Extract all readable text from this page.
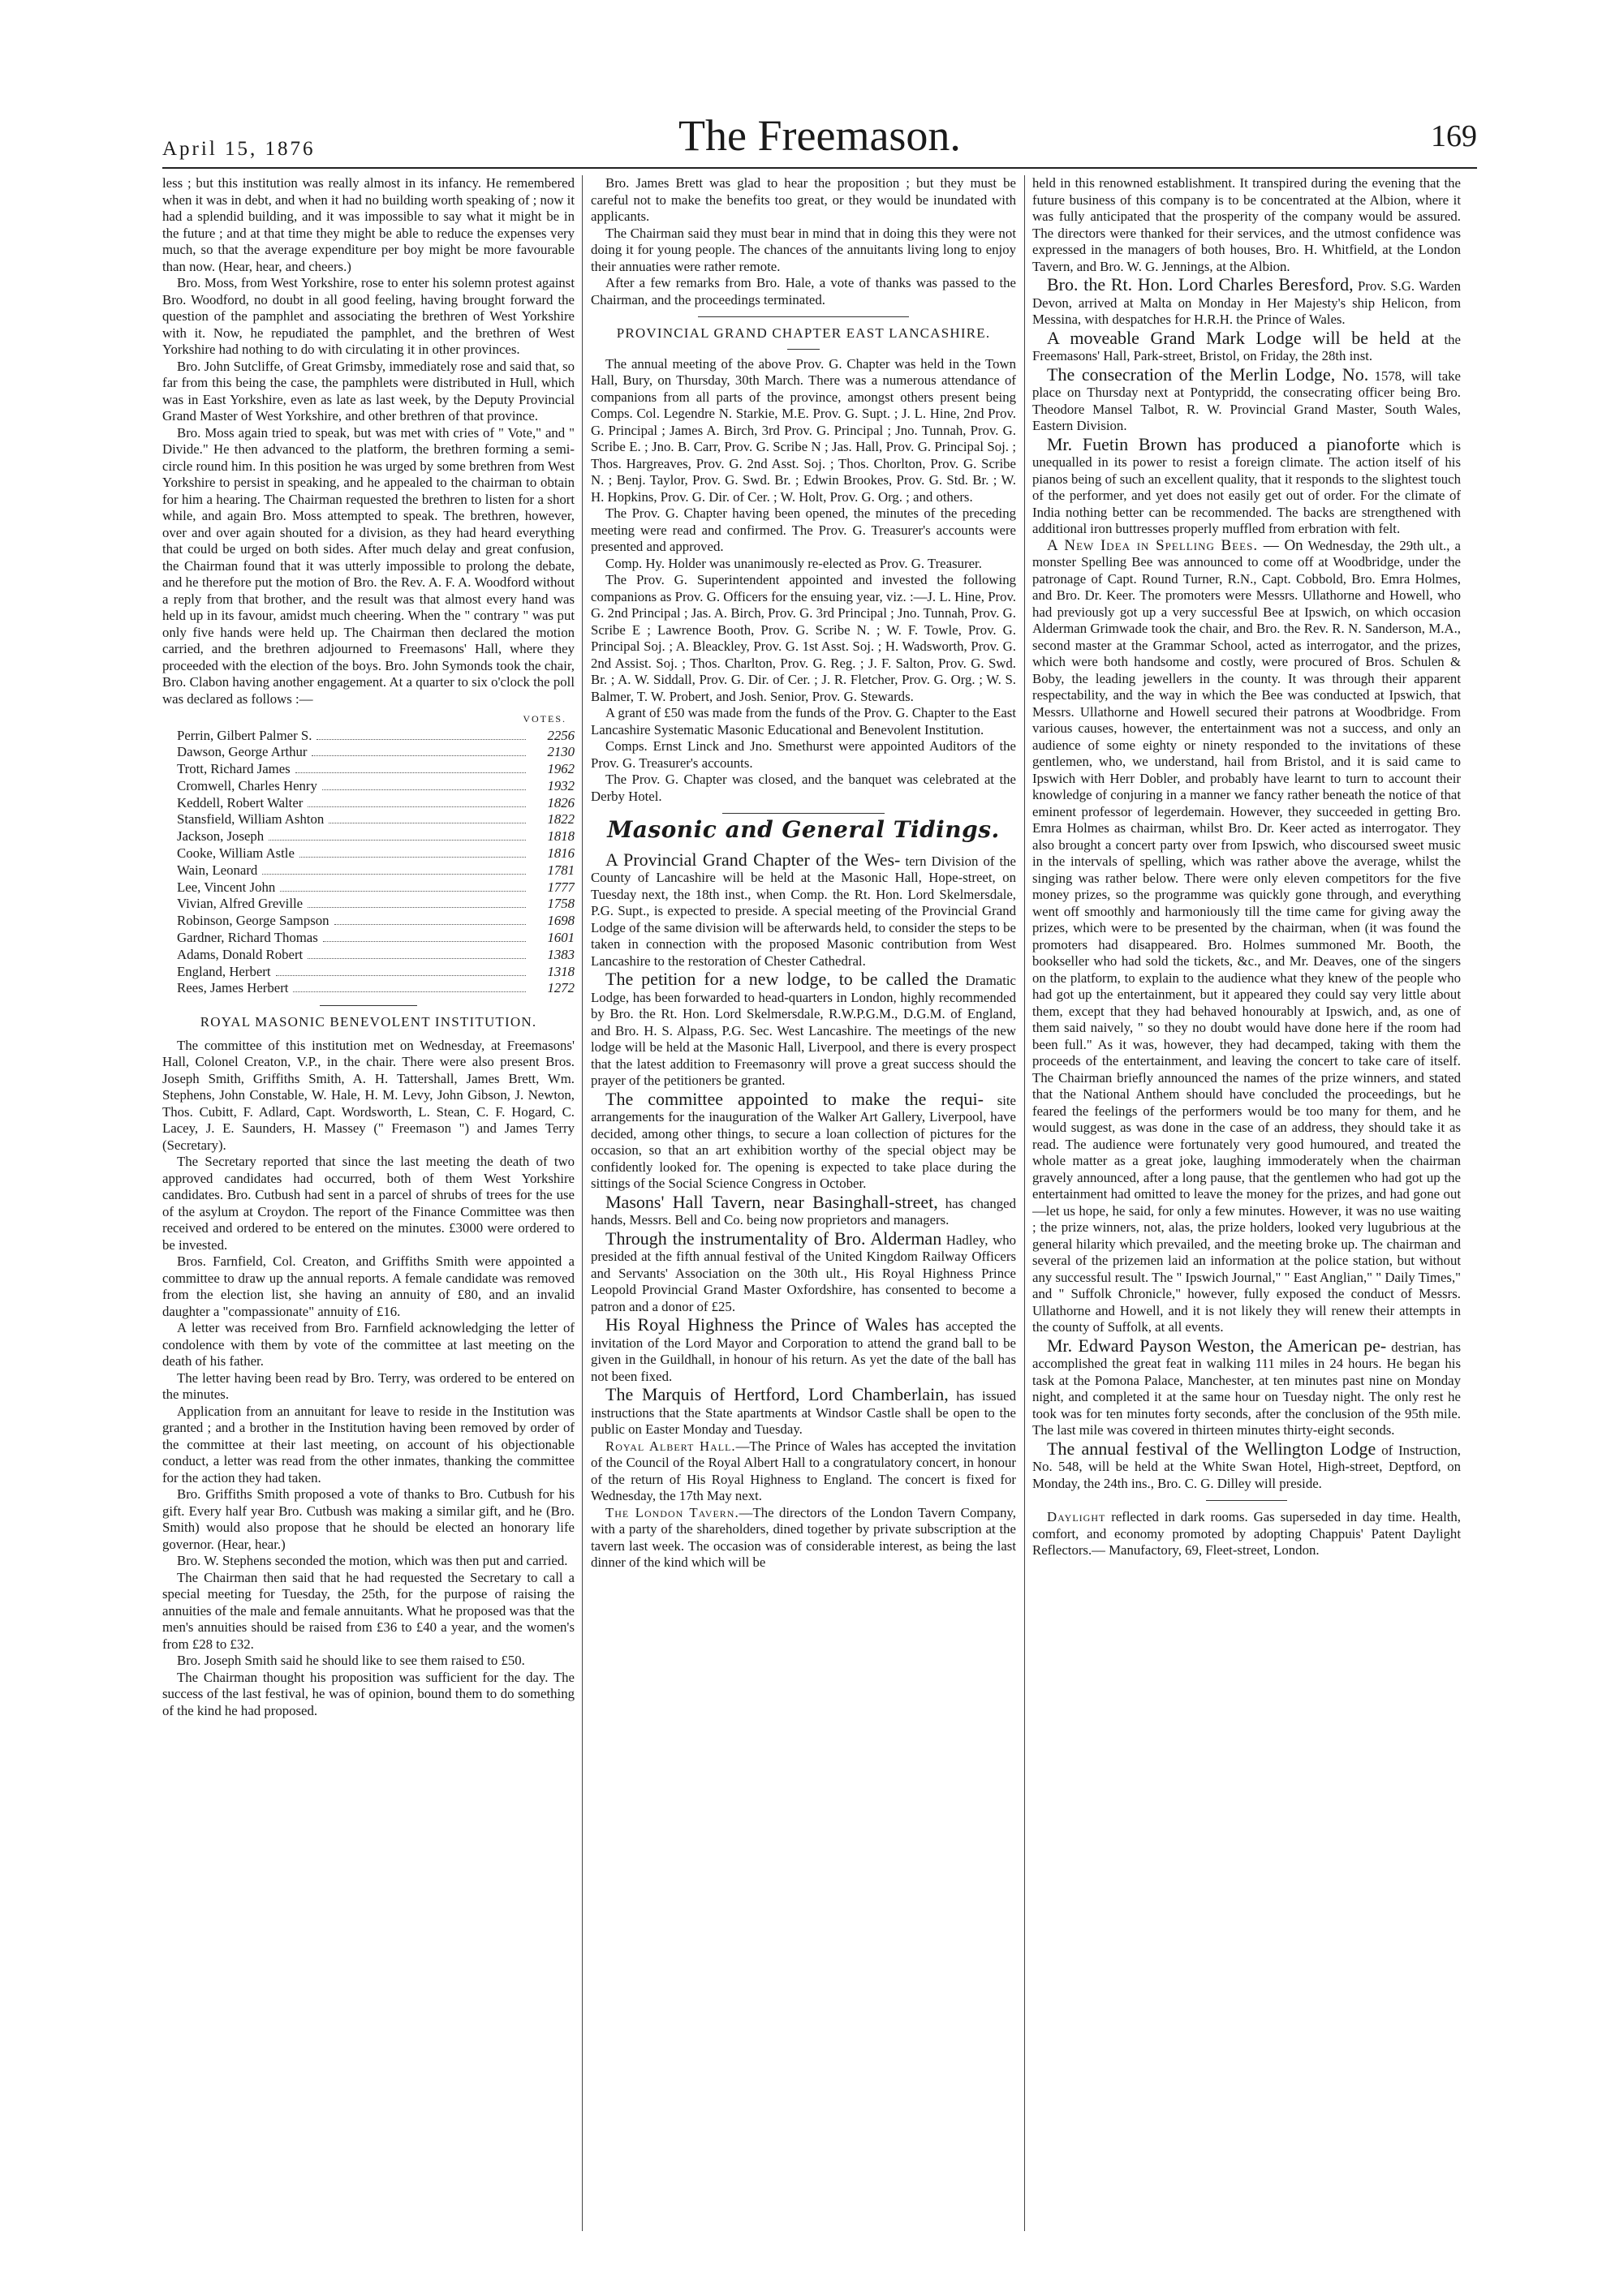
April 15, 1876	The Freemason.	169

less ; but this institution was really almost in its infancy. He remembered when it was in debt, and when it had no building worth speaking of ; now it had a splendid building, and it was impossible to say what it might be in the future ; and at that time they might be able to reduce the expenses very much, so that the average expenditure per boy might be more favourable than now. (Hear, hear, and cheers.)

Bro. Moss, from West Yorkshire, rose to enter his solemn protest against Bro. Woodford, no doubt in all good feeling, having brought forward the question of the pamphlet and associating the brethren of West Yorkshire with it. Now, he repudiated the pamphlet, and the brethren of West Yorkshire had nothing to do with circulating it in other provinces.

Bro. John Sutcliffe, of Great Grimsby, immediately rose and said that, so far from this being the case, the pamphlets were distributed in Hull, which was in East Yorkshire, even as late as last week, by the Deputy Provincial Grand Master of West Yorkshire, and other brethren of that province.

Bro. Moss again tried to speak, but was met with cries of " Vote," and " Divide." He then advanced to the platform, the brethren forming a semi-circle round him. In this position he was urged by some brethren from West Yorkshire to persist in speaking, and he appealed to the chairman to obtain for him a hearing. The Chairman requested the brethren to listen for a short while, and again Bro. Moss attempted to speak. The brethren, however, over and over again shouted for a division, as they had heard everything that could be urged on both sides. After much delay and great confusion, the Chairman found that it was utterly impossible to prolong the debate, and he therefore put the motion of Bro. the Rev. A. F. A. Woodford without a reply from that brother, and the result was that almost every hand was held up in its favour, amidst much cheering. When the " contrary " was put only five hands were held up. The Chairman then declared the motion carried, and the brethren adjourned to Freemasons' Hall, where they proceeded with the election of the boys. Bro. John Symonds took the chair, Bro. Clabon having another engagement. At a quarter to six o'clock the poll was declared as follows :—

VOTES.
Perrin, Gilbert Palmer S.	2256
Dawson, George Arthur	2130
Trott, Richard James	1962
Cromwell, Charles Henry	1932
Keddell, Robert Walter	1826
Stansfield, William Ashton	1822
Jackson, Joseph	1818
Cooke, William Astle	1816
Wain, Leonard	1781
Lee, Vincent John	1777
Vivian, Alfred Greville	1758
Robinson, George Sampson	1698
Gardner, Richard Thomas	1601
Adams, Donald Robert	1383
England, Herbert	1318
Rees, James Herbert	1272

ROYAL MASONIC BENEVOLENT INSTITUTION.

The committee of this institution met on Wednesday, at Freemasons' Hall, Colonel Creaton, V.P., in the chair. There were also present Bros. Joseph Smith, Griffiths Smith, A. H. Tattershall, James Brett, Wm. Stephens, John Constable, W. Hale, H. M. Levy, John Gibson, J. Newton, Thos. Cubitt, F. Adlard, Capt. Wordsworth, L. Stean, C. F. Hogard, C. Lacey, J. E. Saunders, H. Massey (" Freemason ") and James Terry (Secretary).

The Secretary reported that since the last meeting the death of two approved candidates had occurred, both of them West Yorkshire candidates. Bro. Cutbush had sent in a parcel of shrubs of trees for the use of the asylum at Croydon. The report of the Finance Committee was then received and ordered to be entered on the minutes. £3000 were ordered to be invested.

Bros. Farnfield, Col. Creaton, and Griffiths Smith were appointed a committee to draw up the annual reports. A female candidate was removed from the election list, she having an annuity of £80, and an invalid daughter a "compassionate" annuity of £16.

A letter was received from Bro. Farnfield acknowledging the letter of condolence with them by vote of the committee at last meeting on the death of his father.

The letter having been read by Bro. Terry, was ordered to be entered on the minutes.

Application from an annuitant for leave to reside in the Institution was granted ; and a brother in the Institution having been removed by order of the committee at their last meeting, on account of his objectionable conduct, a letter was read from the other inmates, thanking the committee for the action they had taken.

Bro. Griffiths Smith proposed a vote of thanks to Bro. Cutbush for his gift. Every half year Bro. Cutbush was making a similar gift, and he (Bro. Smith) would also propose that he should be elected an honorary life governor. (Hear, hear.)

Bro. W. Stephens seconded the motion, which was then put and carried.

The Chairman then said that he had requested the Secretary to call a special meeting for Tuesday, the 25th, for the purpose of raising the annuities of the male and female annuitants. What he proposed was that the men's annuities should be raised from £36 to £40 a year, and the women's from £28 to £32.

Bro. Joseph Smith said he should like to see them raised to £50.

The Chairman thought his proposition was sufficient for the day. The success of the last festival, he was of opinion, bound them to do something of the kind he had proposed.

Bro. James Brett was glad to hear the proposition ; but they must be careful not to make the benefits too great, or they would be inundated with applicants.

The Chairman said they must bear in mind that in doing this they were not doing it for young people. The chances of the annuitants living long to enjoy their annuaties were rather remote.

After a few remarks from Bro. Hale, a vote of thanks was passed to the Chairman, and the proceedings terminated.

PROVINCIAL GRAND CHAPTER EAST LANCASHIRE.

The annual meeting of the above Prov. G. Chapter was held in the Town Hall, Bury, on Thursday, 30th March. There was a numerous attendance of companions from all parts of the province, amongst others present being Comps. Col. Legendre N. Starkie, M.E. Prov. G. Supt. ; J. L. Hine, 2nd Prov. G. Principal ; James A. Birch, 3rd Prov. G. Principal ; Jno. Tunnah, Prov. G. Scribe E. ; Jno. B. Carr, Prov. G. Scribe N ; Jas. Hall, Prov. G. Principal Soj. ; Thos. Hargreaves, Prov. G. 2nd Asst. Soj. ; Thos. Chorlton, Prov. G. Scribe N. ; Benj. Taylor, Prov. G. Swd. Br. ; Edwin Brookes, Prov. G. Std. Br. ; W. H. Hopkins, Prov. G. Dir. of Cer. ; W. Holt, Prov. G. Org. ; and others.

The Prov. G. Chapter having been opened, the minutes of the preceding meeting were read and confirmed. The Prov. G. Treasurer's accounts were presented and approved.

Comp. Hy. Holder was unanimously re-elected as Prov. G. Treasurer.

The Prov. G. Superintendent appointed and invested the following companions as Prov. G. Officers for the ensuing year, viz. :—J. L. Hine, Prov. G. 2nd Principal ; Jas. A. Birch, Prov. G. 3rd Principal ; Jno. Tunnah, Prov. G. Scribe E ; Lawrence Booth, Prov. G. Scribe N. ; W. F. Towle, Prov. G. Principal Soj. ; A. Bleackley, Prov. G. 1st Asst. Soj. ; H. Wadsworth, Prov. G. 2nd Assist. Soj. ; Thos. Charlton, Prov. G. Reg. ; J. F. Salton, Prov. G. Swd. Br. ; A. W. Siddall, Prov. G. Dir. of Cer. ; J. R. Fletcher, Prov. G. Org. ; W. S. Balmer, T. W. Probert, and Josh. Senior, Prov. G. Stewards.

A grant of £50 was made from the funds of the Prov. G. Chapter to the East Lancashire Systematic Masonic Educational and Benevolent Institution.

Comps. Ernst Linck and Jno. Smethurst were appointed Auditors of the Prov. G. Treasurer's accounts.

The Prov. G. Chapter was closed, and the banquet was celebrated at the Derby Hotel.

Masonic and General Tidings.

A Provincial Grand Chapter of the Wes- tern Division of the County of Lancashire will be held at the Masonic Hall, Hope-street, on Tuesday next, the 18th inst., when Comp. the Rt. Hon. Lord Skelmersdale, P.G. Supt., is expected to preside. A special meeting of the Provincial Grand Lodge of the same division will be afterwards held, to consider the steps to be taken in connection with the proposed Masonic contribution from West Lancashire to the restoration of Chester Cathedral.

The petition for a new lodge, to be called the Dramatic Lodge, has been forwarded to head-quarters in London, highly recommended by Bro. the Rt. Hon. Lord Skelmersdale, R.W.P.G.M., D.G.M. of England, and Bro. H. S. Alpass, P.G. Sec. West Lancashire. The meetings of the new lodge will be held at the Masonic Hall, Liverpool, and there is every prospect that the latest addition to Freemasonry will prove a great success should the prayer of the petitioners be granted.

The committee appointed to make the requi- site arrangements for the inauguration of the Walker Art Gallery, Liverpool, have decided, among other things, to secure a loan collection of pictures for the occasion, so that an art exhibition worthy of the special object may be confidently looked for. The opening is expected to take place during the sittings of the Social Science Congress in October.

Masons' Hall Tavern, near Basinghall-street, has changed hands, Messrs. Bell and Co. being now proprietors and managers.

Through the instrumentality of Bro. Alderman Hadley, who presided at the fifth annual festival of the United Kingdom Railway Officers and Servants' Association on the 30th ult., His Royal Highness Prince Leopold Provincial Grand Master Oxfordshire, has consented to become a patron and a donor of £25.

His Royal Highness the Prince of Wales has accepted the invitation of the Lord Mayor and Corporation to attend the grand ball to be given in the Guildhall, in honour of his return. As yet the date of the ball has not been fixed.

The Marquis of Hertford, Lord Chamberlain, has issued instructions that the State apartments at Windsor Castle shall be open to the public on Easter Monday and Tuesday.

Royal Albert Hall.—The Prince of Wales has accepted the invitation of the Council of the Royal Albert Hall to a congratulatory concert, in honour of the return of His Royal Highness to England. The concert is fixed for Wednesday, the 17th May next.

The London Tavern.—The directors of the London Tavern Company, with a party of the shareholders, dined together by private subscription at the tavern last week. The occasion was of considerable interest, as being the last dinner of the kind which will be

held in this renowned establishment. It transpired during the evening that the future business of this company is to be concentrated at the Albion, where it was fully anticipated that the prosperity of the company would be assured. The directors were thanked for their services, and the utmost confidence was expressed in the managers of both houses, Bro. H. Whitfield, at the London Tavern, and Bro. W. G. Jennings, at the Albion.

Bro. the Rt. Hon. Lord Charles Beresford, Prov. S.G. Warden Devon, arrived at Malta on Monday in Her Majesty's ship Helicon, from Messina, with despatches for H.R.H. the Prince of Wales.

A moveable Grand Mark Lodge will be held at the Freemasons' Hall, Park-street, Bristol, on Friday, the 28th inst.

The consecration of the Merlin Lodge, No. 1578, will take place on Thursday next at Pontypridd, the consecrating officer being Bro. Theodore Mansel Talbot, R. W. Provincial Grand Master, South Wales, Eastern Division.

Mr. Fuetin Brown has produced a pianoforte which is unequalled in its power to resist a foreign climate. The action itself of his pianos being of such an excellent quality, that it responds to the slightest touch of the performer, and yet does not easily get out of order. For the climate of India nothing better can be recommended. The backs are strengthened with additional iron buttresses properly muffled from erbration with felt.

A New Idea in Spelling Bees. — On Wednesday, the 29th ult., a monster Spelling Bee was announced to come off at Woodbridge, under the patronage of Capt. Round Turner, R.N., Capt. Cobbold, Bro. Emra Holmes, and Bro. Dr. Keer. The promoters were Messrs. Ullathorne and Howell, who had previously got up a very successful Bee at Ipswich, on which occasion Alderman Grimwade took the chair, and Bro. the Rev. R. N. Sanderson, M.A., second master at the Grammar School, acted as interrogator, and the prizes, which were both handsome and costly, were procured of Bros. Schulen & Boby, the leading jewellers in the county. It was through their apparent respectability, and the way in which the Bee was conducted at Ipswich, that Messrs. Ullathorne and Howell secured their patrons at Woodbridge. From various causes, however, the entertainment was not a success, and only an audience of some eighty or ninety responded to the invitations of these gentlemen, who, we understand, hail from Bristol, and it is said came to Ipswich with Herr Dobler, and probably have learnt to turn to account their knowledge of conjuring in a manner we fancy rather beneath the notice of that eminent professor of legerdemain. However, they succeeded in getting Bro. Emra Holmes as chairman, whilst Bro. Dr. Keer acted as interrogator. They also brought a concert party over from Ipswich, who discoursed sweet music in the intervals of spelling, which was rather above the average, whilst the singing was rather below. There were only eleven competitors for the five money prizes, so the programme was quickly gone through, and everything went off smoothly and harmoniously till the time came for giving away the prizes, which were to be presented by the chairman, when (it was found the promoters had disappeared. Bro. Holmes summoned Mr. Booth, the bookseller who had sold the tickets, &c., and Mr. Deaves, one of the singers on the platform, to explain to the audience what they knew of the people who had got up the entertainment, but it appeared they could say very little about them, except that they had behaved honourably at Ipswich, and, as one of them said naively, " so they no doubt would have done here if the room had been full." As it was, however, they had decamped, taking with them the proceeds of the entertainment, and leaving the concert to take care of itself. The Chairman briefly announced the names of the prize winners, and stated that the National Anthem should have concluded the proceedings, but he feared the feelings of the performers would be too many for them, and he would suggest, as was done in the case of an address, they should take it as read. The audience were fortunately very good humoured, and treated the whole matter as a great joke, laughing immoderately when the chairman gravely announced, after a long pause, that the gentlemen who had got up the entertainment had omitted to leave the money for the prizes, and had gone out—let us hope, he said, for only a few minutes. However, it was no use waiting ; the prize winners, not, alas, the prize holders, looked very lugubrious at the general hilarity which prevailed, and the meeting broke up. The chairman and several of the prizemen laid an information at the police station, but without any successful result. The " Ipswich Journal," " East Anglian," " Daily Times," and " Suffolk Chronicle," however, fully exposed the conduct of Messrs. Ullathorne and Howell, and it is not likely they will renew their attempts in the county of Suffolk, at all events.

Mr. Edward Payson Weston, the American pe- destrian, has accomplished the great feat in walking 111 miles in 24 hours. He began his task at the Pomona Palace, Manchester, at ten minutes past nine on Monday night, and completed it at the same hour on Tuesday night. The only rest he took was for ten minutes forty seconds, after the conclusion of the 95th mile. The last mile was covered in thirteen minutes thirty-eight seconds.

The annual festival of the Wellington Lodge of Instruction, No. 548, will be held at the White Swan Hotel, High-street, Deptford, on Monday, the 24th ins., Bro. C. G. Dilley will preside.

Daylight reflected in dark rooms. Gas superseded in day time. Health, comfort, and economy promoted by adopting Chappuis' Patent Daylight Reflectors.— Manufactory, 69, Fleet-street, London.
